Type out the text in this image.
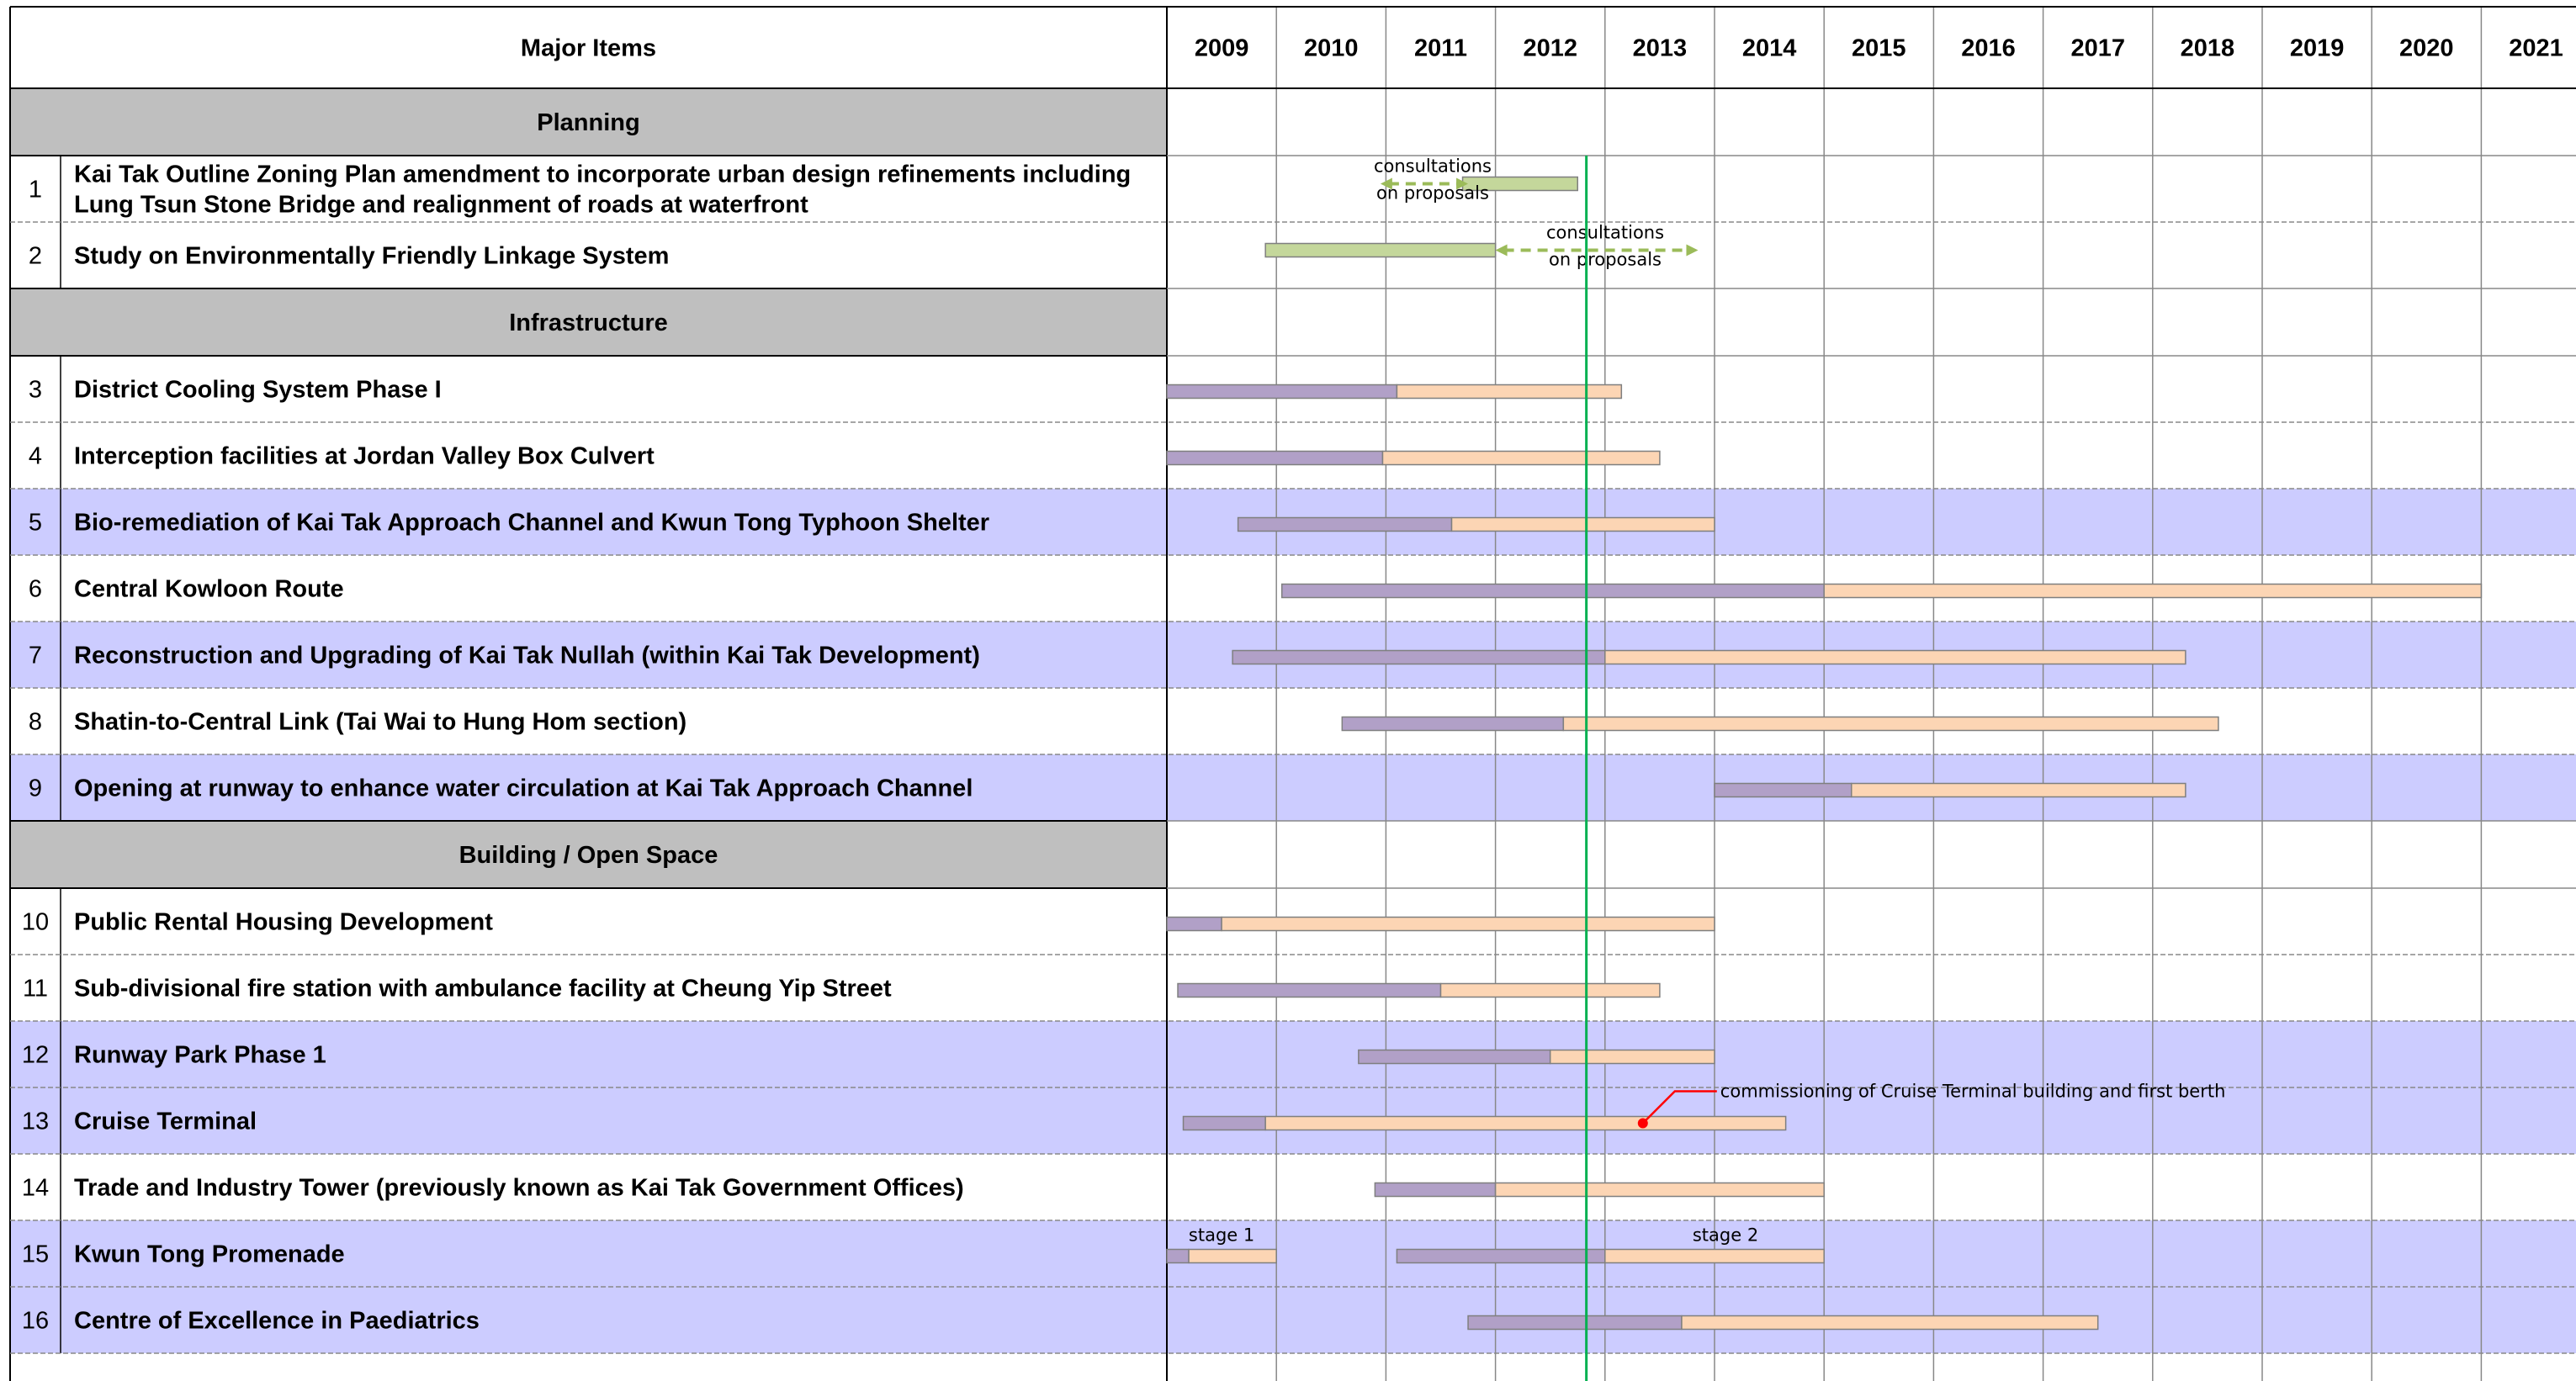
Major Items	2009 2010 2011 2012 2013 2014 2015 2016 2017 2018 2019 2020 2021
Planning
1
Kai Tak Outline Zoning Plan amendment to incorporate urban design refinements including
Lung Tsun Stone Bridge and realignment of roads at waterfront
2 Study on Environmentally Friendly Linkage System
Infrastructure
3 District Cooling System Phase I
4 Interception facilities at Jordan Valley Box Culvert
5 Bio-remediation of Kai Tak Approach Channel and Kwun Tong Typhoon Shelter
6 Central Kowloon Route
7 Reconstruction and Upgrading of Kai Tak Nullah (within Kai Tak Development)
8 Shatin-to-Central Link (Tai Wai to Hung Hom section)
9 Opening at runway to enhance water circulation at Kai Tak Approach Channel
Building / Open Space
10 Public Rental Housing Development
11 Sub-divisional fire station with ambulance facility at Cheung Yip Street
12 Runway Park Phase 1
13 Cruise Terminal
14 Trade and Industry Tower (previously known as Kai Tak Government Offices)
15 Kwun Tong Promenade
16 Centre of Excellence in Paediatrics
consultations
on proposals
consultations
on proposals
commissioning of Cruise Terminal building and first berth
stage 1	stage 2
